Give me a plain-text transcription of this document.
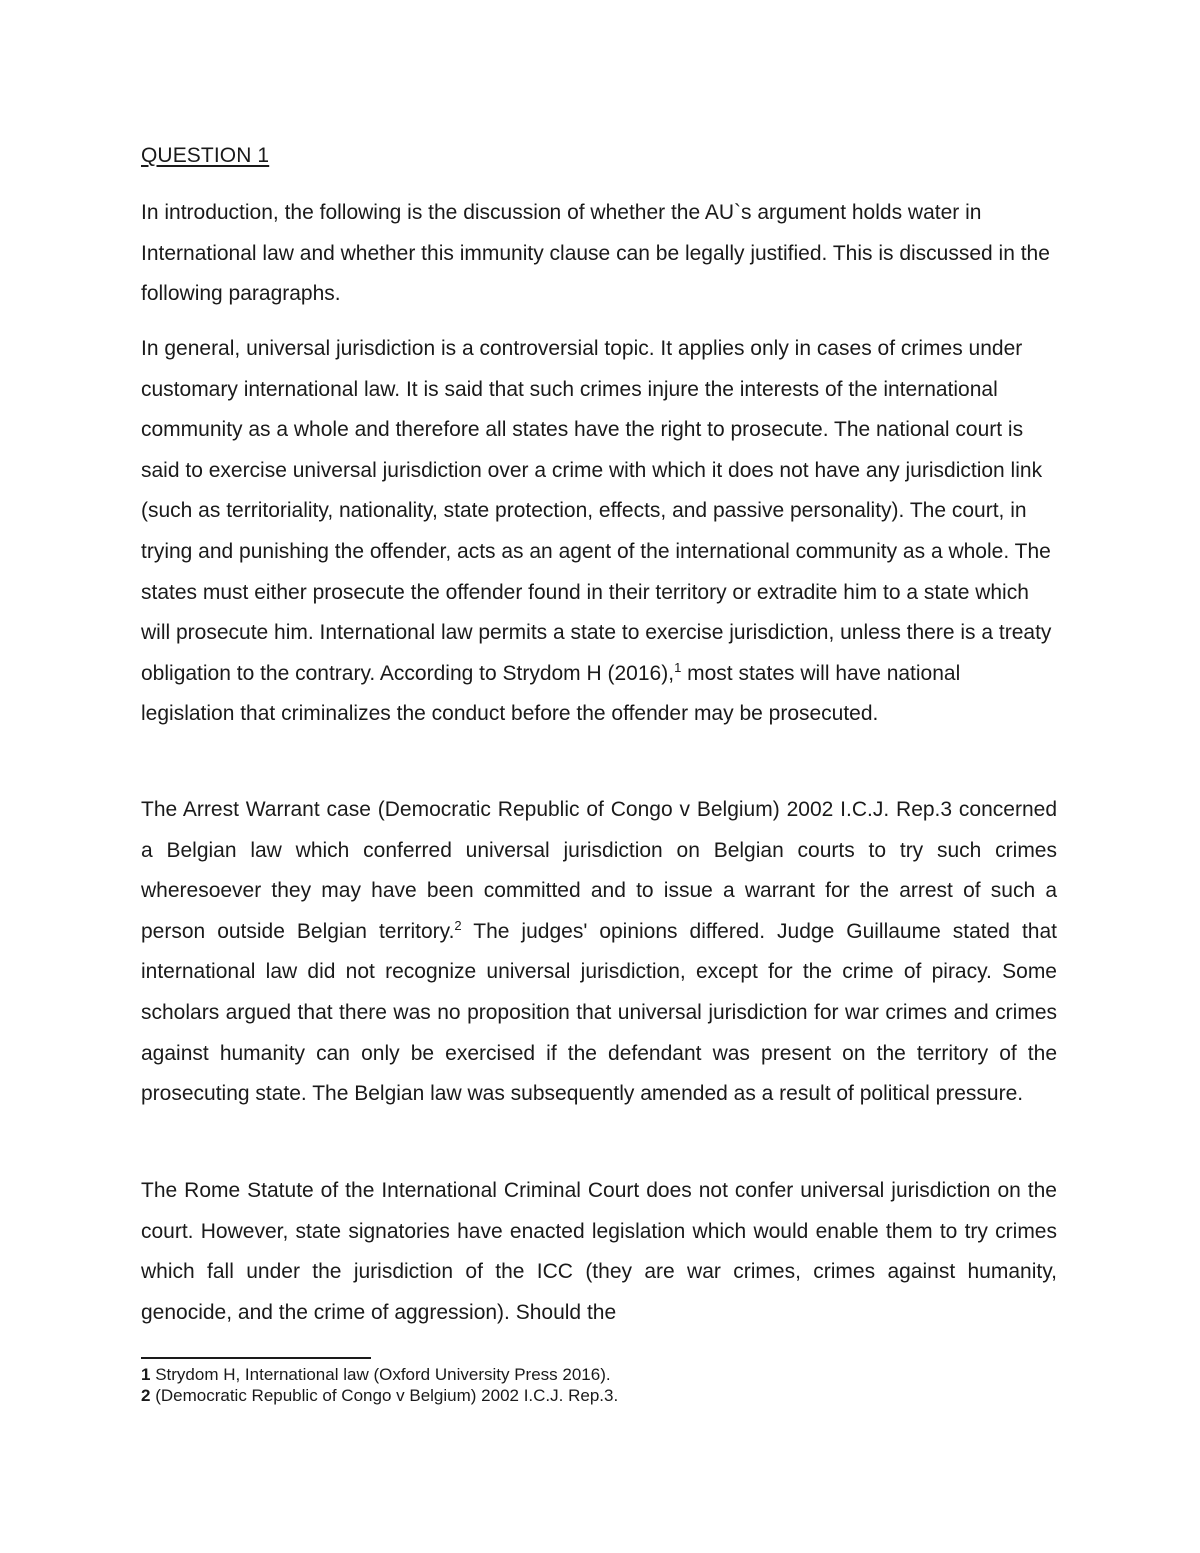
QUESTION 1

In introduction, the following is the discussion of whether the AU`s argument holds water in International law and whether this immunity clause can be legally justified. This is discussed in the following paragraphs.

In general, universal jurisdiction is a controversial topic. It applies only in cases of crimes under customary international law. It is said that such crimes injure the interests of the international community as a whole and therefore all states have the right to prosecute. The national court is said to exercise universal jurisdiction over a crime with which it does not have any jurisdiction link (such as territoriality, nationality, state protection, effects, and passive personality). The court, in trying and punishing the offender, acts as an agent of the international community as a whole. The states must either prosecute the offender found in their territory or extradite him to a state which will prosecute him. International law permits a state to exercise jurisdiction, unless there is a treaty obligation to the contrary. According to Strydom H (2016),$^1$ most states will have national legislation that criminalizes the conduct before the offender may be prosecuted.

The Arrest Warrant case (Democratic Republic of Congo v Belgium) 2002 I.C.J. Rep.3 concerned a Belgian law which conferred universal jurisdiction on Belgian courts to try such crimes wheresoever they may have been committed and to issue a warrant for the arrest of such a person outside Belgian territory.$^2$ The judges' opinions differed. Judge Guillaume stated that international law did not recognize universal jurisdiction, except for the crime of piracy. Some scholars argued that there was no proposition that universal jurisdiction for war crimes and crimes against humanity can only be exercised if the defendant was present on the territory of the prosecuting state. The Belgian law was subsequently amended as a result of political pressure.

The Rome Statute of the International Criminal Court does not confer universal jurisdiction on the court. However, state signatories have enacted legislation which would enable them to try crimes which fall under the jurisdiction of the ICC (they are war crimes, crimes against humanity, genocide, and the crime of aggression). Should the

1 Strydom H, International law (Oxford University Press 2016).
2 (Democratic Republic of Congo v Belgium) 2002 I.C.J. Rep.3.
